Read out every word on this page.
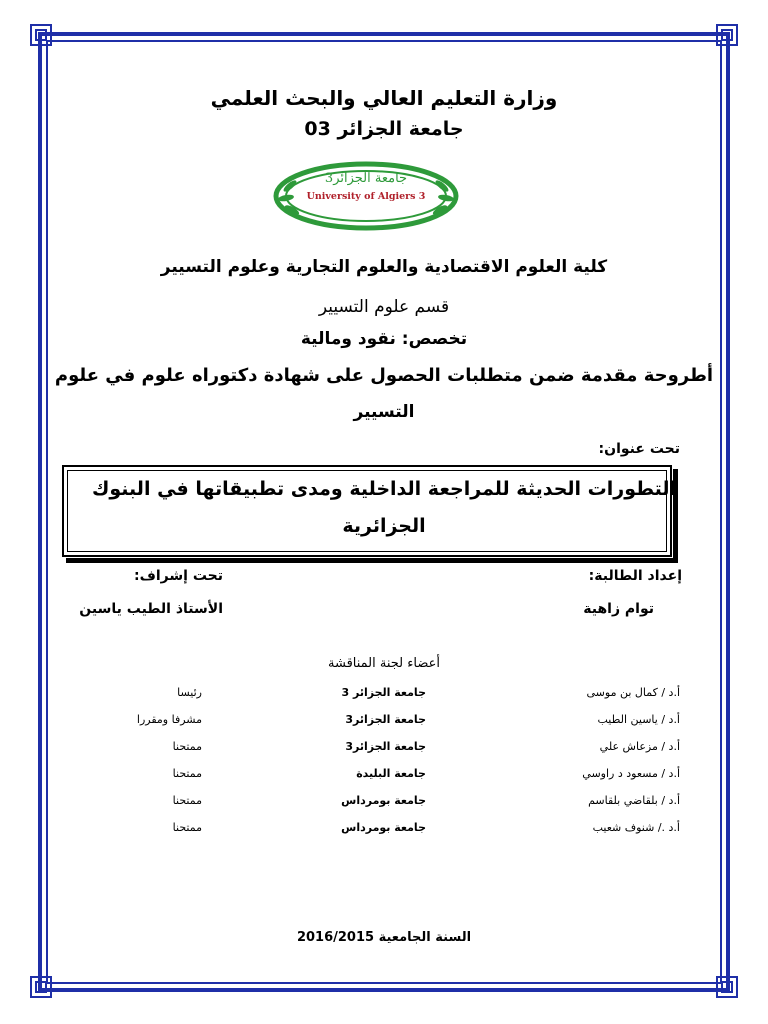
وزارة التعليم العالي والبحث العلمي
جامعة الجزائر 03
جامعة الجزائر3
University of Algiers 3
كلية العلوم الاقتصادية والعلوم التجارية وعلوم التسيير
قسم علوم التسيير
تخصص: نقود ومالية
أطروحة مقدمة ضمن متطلبات الحصول على شهادة دكتوراه علوم في علوم
التسيير
تحت عنوان:
التطورات الحديثة للمراجعة الداخلية ومدى تطبيقاتها في البنوك
الجزائرية
إعداد الطالبة:
توام زاهية
تحت إشراف:
الأستاذ الطيب ياسين
أعضاء لجنة المناقشة
أ.د / كمال بن موسى
جامعة الجزائر 3
رئيسا
أ.د / ياسين الطيب
جامعة الجزائر3
مشرفا ومقررا
أ.د / مزعاش علي
جامعة الجزائر3
ممتحنا
أ.د / مسعود د راوسي
جامعة البليدة
ممتحنا
أ.د / بلقاضي بلقاسم
جامعة بومرداس
ممتحنا
أ.د ./ شنوف شعيب
جامعة بومرداس
ممتحنا
السنة الجامعية 2016/2015
